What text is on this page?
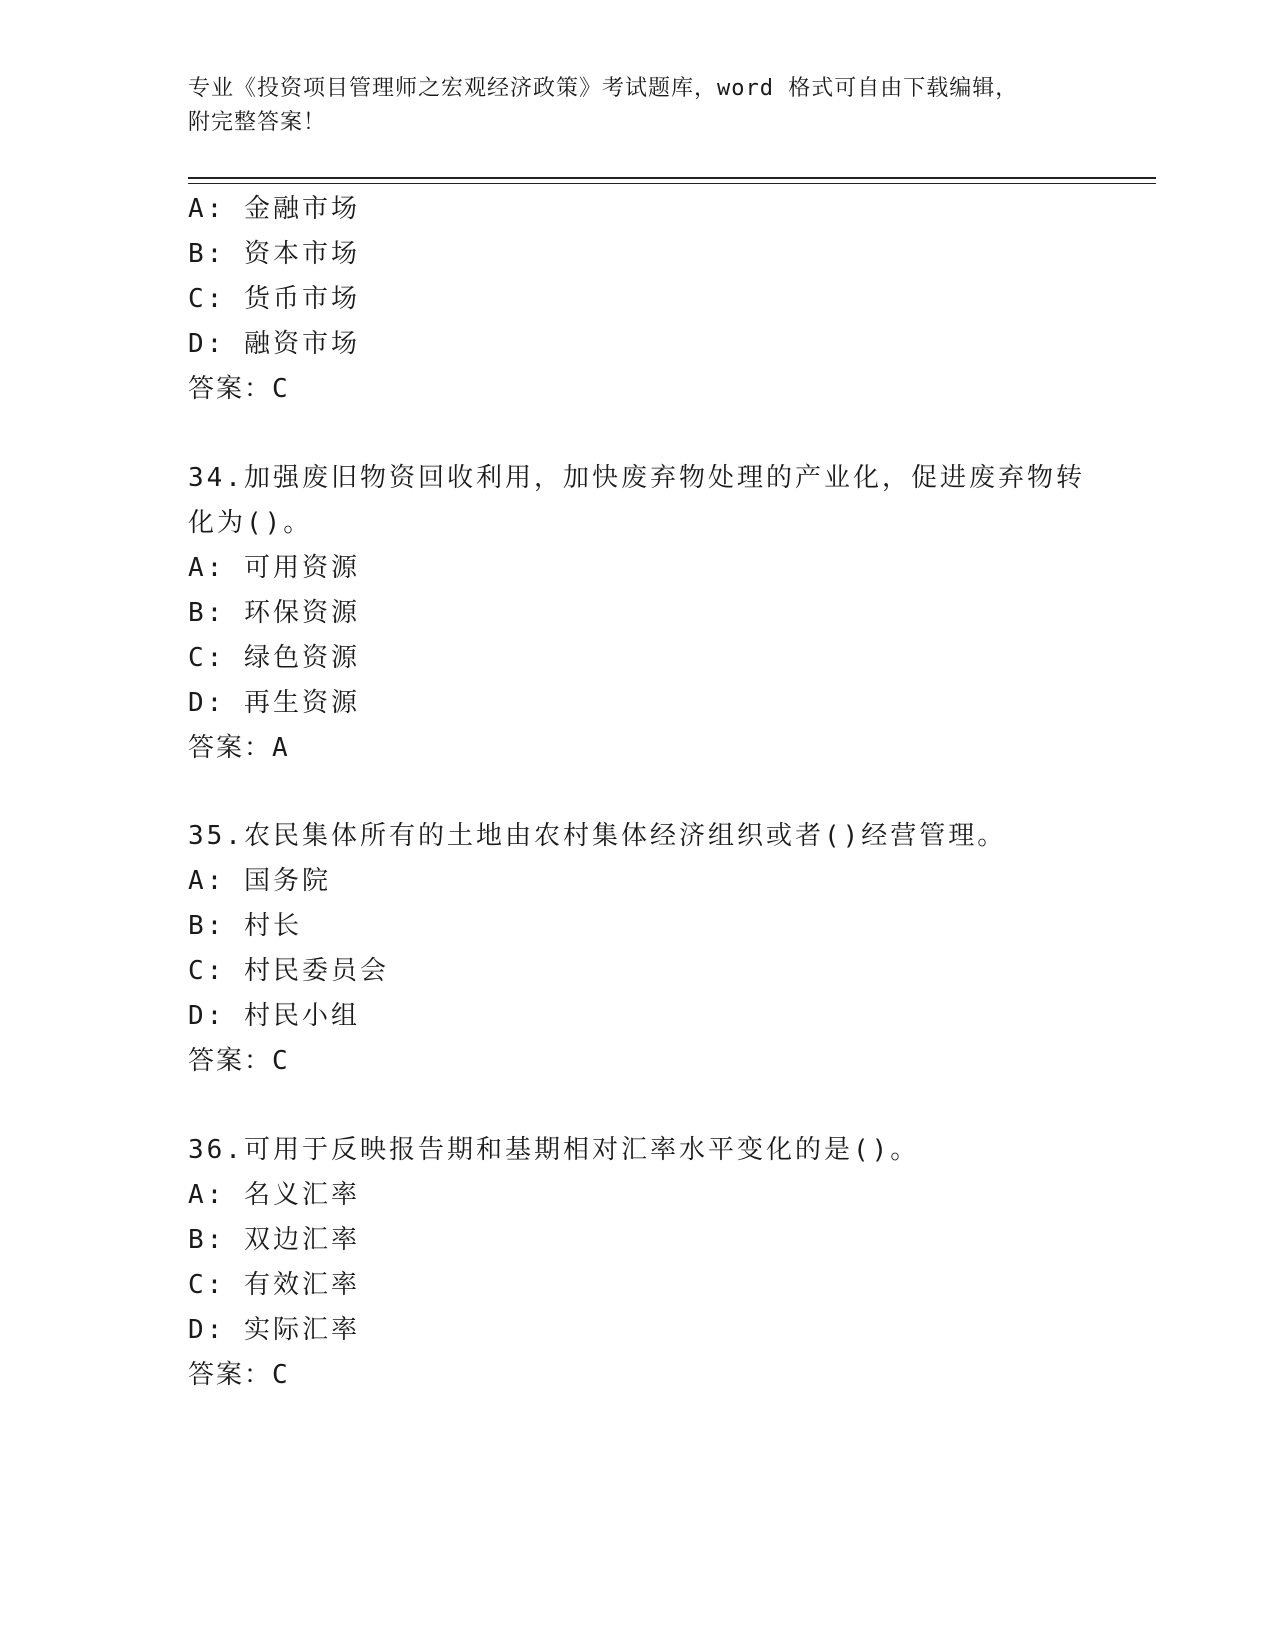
专业《投资项目管理师之宏观经济政策》考试题库，word 格式可自由下载编辑，
附完整答案！
A: 金融市场
B: 资本市场
C: 货币市场
D: 融资市场
答案：C
34.加强废旧物资回收利用，加快废弃物处理的产业化，促进废弃物转
化为()。
A: 可用资源
B: 环保资源
C: 绿色资源
D: 再生资源
答案：A
35.农民集体所有的土地由农村集体经济组织或者()经营管理。
A: 国务院
B: 村长
C: 村民委员会
D: 村民小组
答案：C
36.可用于反映报告期和基期相对汇率水平变化的是()。
A: 名义汇率
B: 双边汇率
C: 有效汇率
D: 实际汇率
答案：C
